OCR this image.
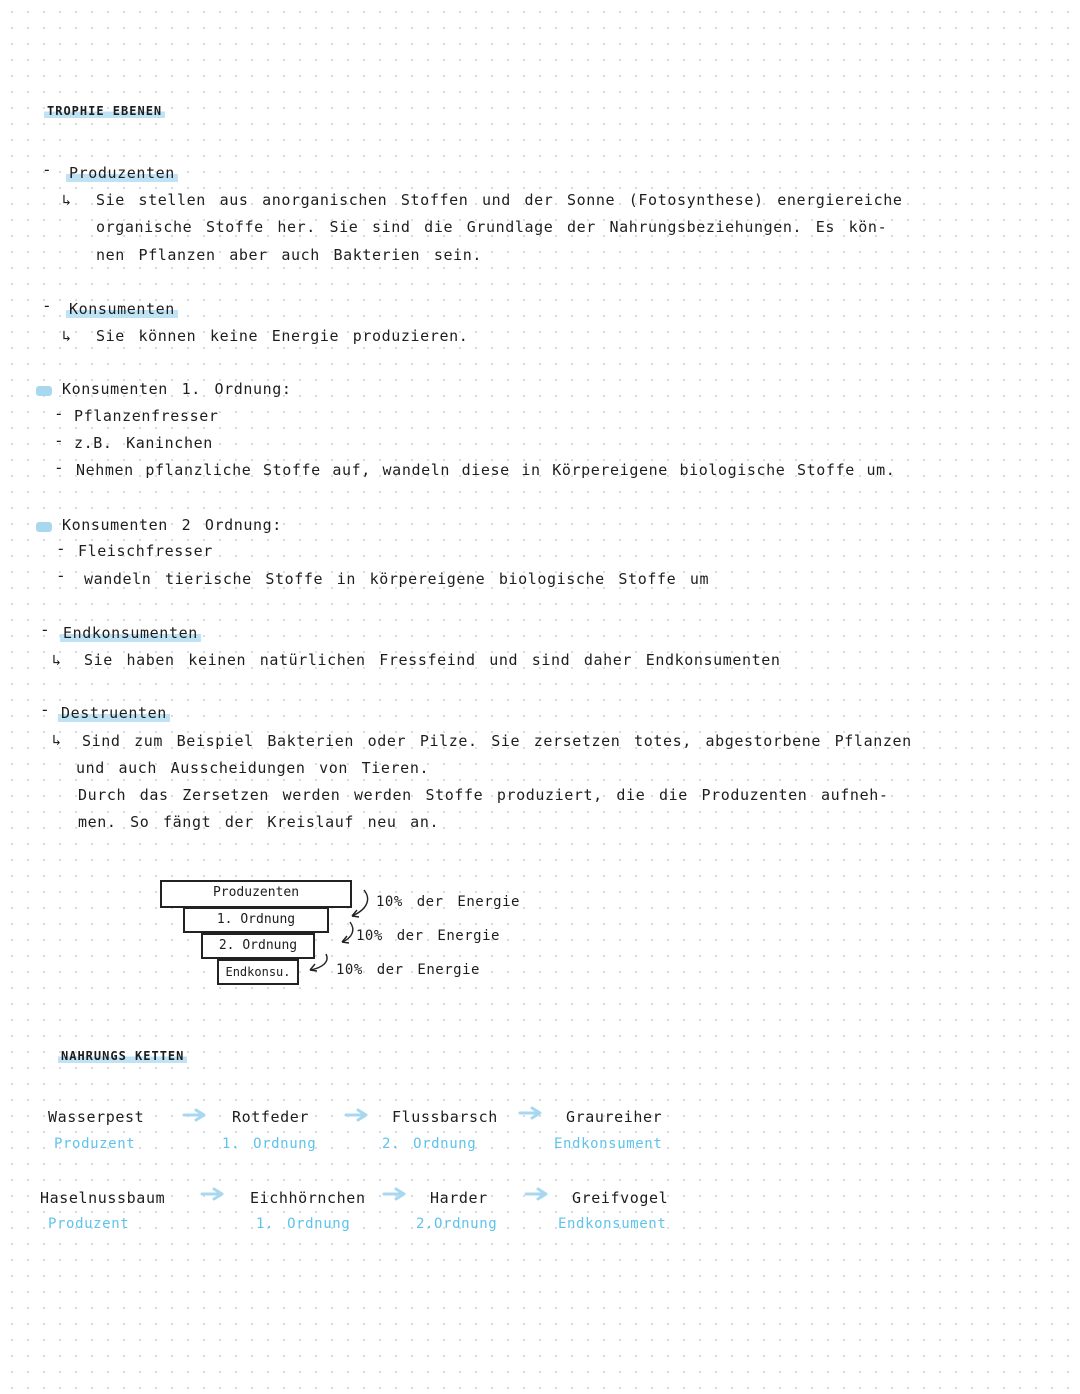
TROPHIE EBENEN
- Produzenten
↳ Sie stellen aus anorganischen Stoffen und der Sonne (Fotosynthese) energiereiche
organische Stoffe her. Sie sind die Grundlage der Nahrungsbeziehungen. Es kön-
nen Pflanzen aber auch Bakterien sein.
- Konsumenten
↳ Sie können keine Energie produzieren.
Konsumenten 1. Ordnung:
- Pflanzenfresser
- z.B. Kaninchen
- Nehmen pflanzliche Stoffe auf, wandeln diese in Körpereigene biologische Stoffe um.
Konsumenten 2 Ordnung:
- Fleischfresser
- wandeln tierische Stoffe in körpereigene biologische Stoffe um
- Endkonsumenten
↳ Sie haben keinen natürlichen Fressfeind und sind daher Endkonsumenten
- Destruenten
↳ Sind zum Beispiel Bakterien oder Pilze. Sie zersetzen totes, abgestorbene Pflanzen
und auch Ausscheidungen von Tieren.
Durch das Zersetzen werden werden Stoffe produziert, die die Produzenten aufneh-
men. So fängt der Kreislauf neu an.
Produzenten
1. Ordnung
2. Ordnung
Endkonsu.
10% der Energie
10% der Energie
10% der Energie
NAHRUNGS KETTEN
Wasserpest
Produzent
Rotfeder
1. Ordnung
Flussbarsch
2. Ordnung
Graureiher
Endkonsument
Haselnussbaum
Produzent
Eichhörnchen
1. Ordnung
Harder
2.Ordnung
Greifvogel
Endkonsument
